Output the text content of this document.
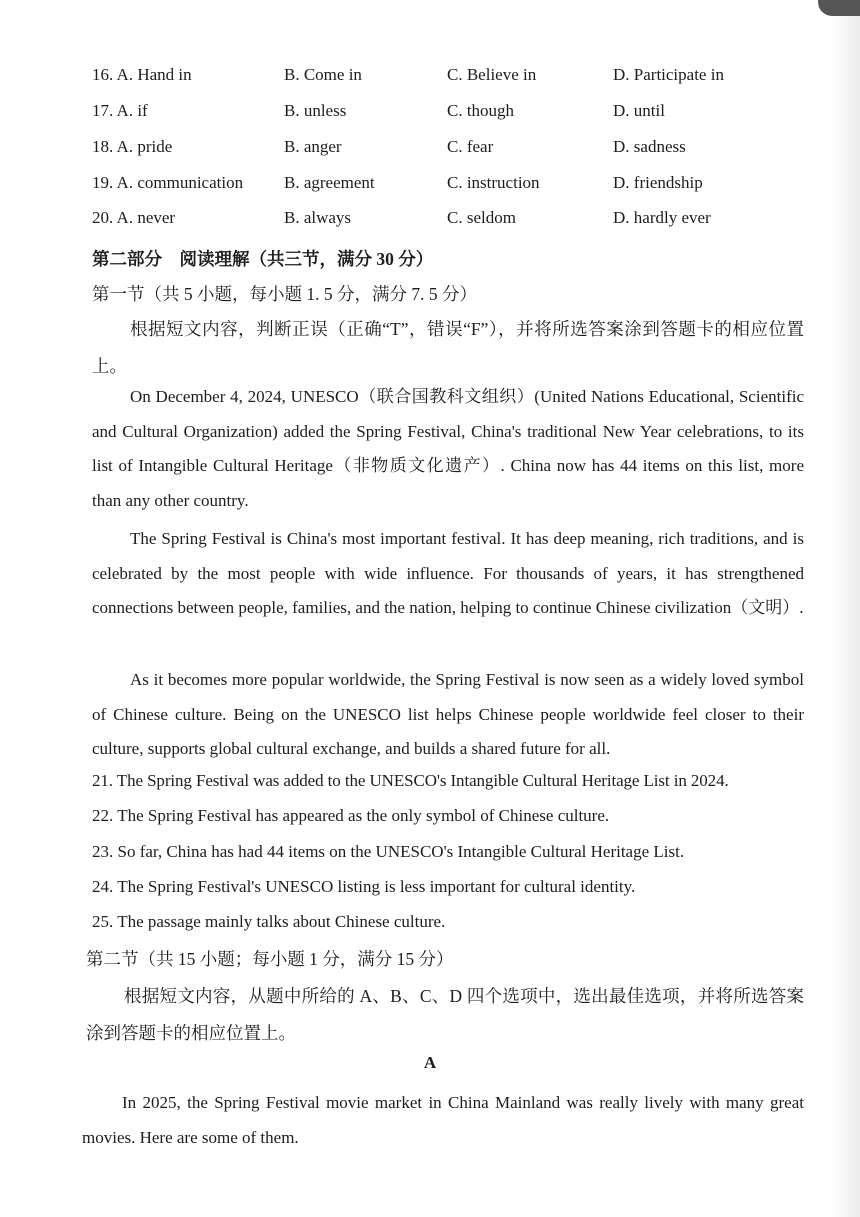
16. A. Hand in	B. Come in	C. Believe in	D. Participate in
17. A. if	B. unless	C. though	D. until
18. A. pride	B. anger	C. fear	D. sadness
19. A. communication B. agreement	C. instruction	D. friendship
20. A. never	B. always	C. seldom	D. hardly ever
第二部分　阅读理解（共三节，满分 30 分）
第一节（共 5 小题，每小题 1. 5 分，满分 7. 5 分）
根据短文内容，判断正误（正确“T”，错误“F”），并将所选答案涂到答题卡的相应位置上。
On December 4, 2024, UNESCO（联合国教科文组织）(United Nations Educational, Scientific and Cultural Organization) added the Spring Festival, China's traditional New Year celebrations, to its list of Intangible Cultural Heritage（非物质文化遗产）. China now has 44 items on this list, more than any other country.
The Spring Festival is China's most important festival. It has deep meaning, rich traditions, and is celebrated by the most people with wide influence. For thousands of years, it has strengthened connections between people, families, and the nation, helping to continue Chinese civilization（文明）.
As it becomes more popular worldwide, the Spring Festival is now seen as a widely loved symbol of Chinese culture. Being on the UNESCO list helps Chinese people worldwide feel closer to their culture, supports global cultural exchange, and builds a shared future for all.
21. The Spring Festival was added to the UNESCO's Intangible Cultural Heritage List in 2024.
22. The Spring Festival has appeared as the only symbol of Chinese culture.
23. So far, China has had 44 items on the UNESCO's Intangible Cultural Heritage List.
24. The Spring Festival's UNESCO listing is less important for cultural identity.
25. The passage mainly talks about Chinese culture.
第二节（共 15 小题；每小题 1 分，满分 15 分）
根据短文内容，从题中所给的 A、B、C、D 四个选项中，选出最佳选项，并将所选答案涂到答题卡的相应位置上。
A
In 2025, the Spring Festival movie market in China Mainland was really lively with many great movies. Here are some of them.
